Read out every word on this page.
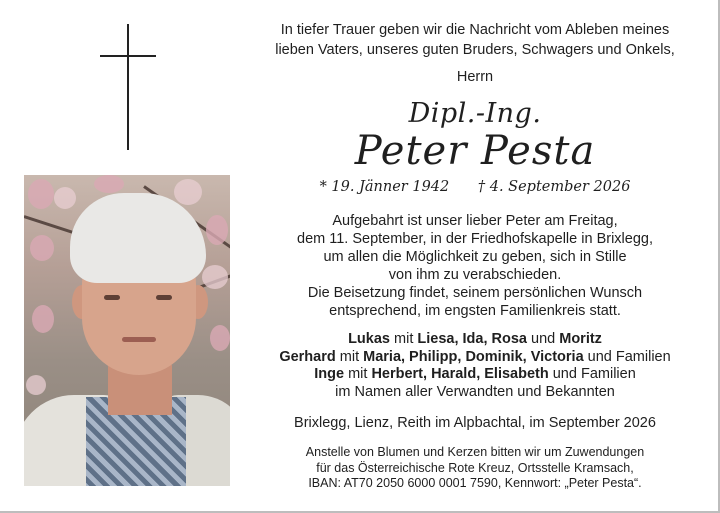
In tiefer Trauer geben wir die Nachricht vom Ableben meines
lieben Vaters, unseres guten Bruders, Schwagers und Onkels,
Herrn
Dipl.-Ing.
Peter Pesta
* 19. Jänner 1942 † 4. September 2026
Aufgebahrt ist unser lieber Peter am Freitag,
dem 11. September, in der Friedhofskapelle in Brixlegg,
um allen die Möglichkeit zu geben, sich in Stille
von ihm zu verabschieden.
Die Beisetzung findet, seinem persönlichen Wunsch
entsprechend, im engsten Familienkreis statt.
Lukas mit Liesa, Ida, Rosa und Moritz
Gerhard mit Maria, Philipp, Dominik, Victoria und Familien
Inge mit Herbert, Harald, Elisabeth und Familien
im Namen aller Verwandten und Bekannten
Brixlegg, Lienz, Reith im Alpbachtal, im September 2026
Anstelle von Blumen und Kerzen bitten wir um Zuwendungen
für das Österreichische Rote Kreuz, Ortsstelle Kramsach,
IBAN: AT70 2050 6000 0001 7590, Kennwort: „Peter Pesta“.
